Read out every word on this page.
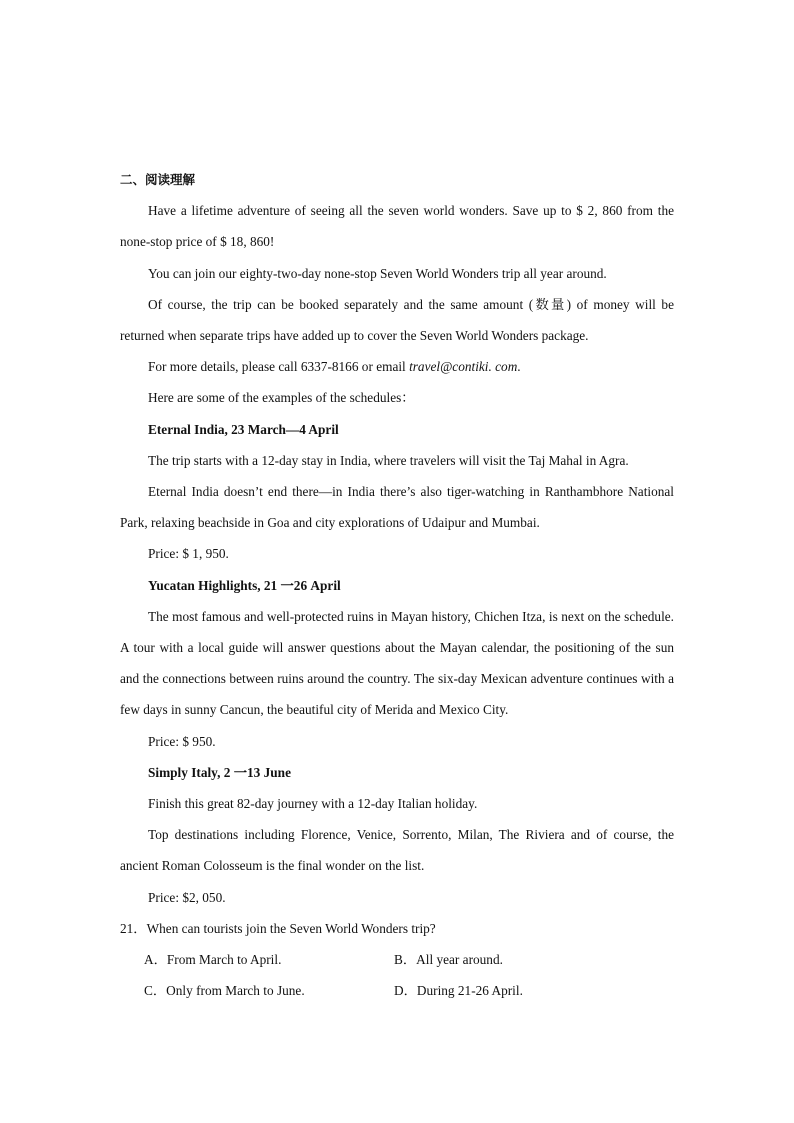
二、阅读理解

Have a lifetime adventure of seeing all the seven world wonders. Save up to $ 2, 860 from the none-stop price of $ 18, 860!

You can join our eighty-two-day none-stop Seven World Wonders trip all year around.

Of course, the trip can be booked separately and the same amount (数量) of money will be returned when separate trips have added up to cover the Seven World Wonders package.

For more details, please call 6337-8166 or email travel@contiki. com.

Here are some of the examples of the schedules：

Eternal India, 23 March—4 April

The trip starts with a 12-day stay in India, where travelers will visit the Taj Mahal in Agra.

Eternal India doesn’t end there—in India there’s also tiger-watching in Ranthambhore National Park, relaxing beachside in Goa and city explorations of Udaipur and Mumbai.

Price: $ 1, 950.

Yucatan Highlights, 21 一26 April

The most famous and well-protected ruins in Mayan history, Chichen Itza, is next on the schedule. A tour with a local guide will answer questions about the Mayan calendar, the positioning of the sun and the connections between ruins around the country. The six-day Mexican adventure continues with a few days in sunny Cancun, the beautiful city of Merida and Mexico City.

Price: $ 950.

Simply Italy, 2 一13 June

Finish this great 82-day journey with a 12-day Italian holiday.

Top destinations including Florence, Venice, Sorrento, Milan, The Riviera and of course, the ancient Roman Colosseum is the final wonder on the list.

Price: $2, 050.

21．When can tourists join the Seven World Wonders trip?

A．From March to April.	B．All year around.
C．Only from March to June.	D．During 21-26 April.
